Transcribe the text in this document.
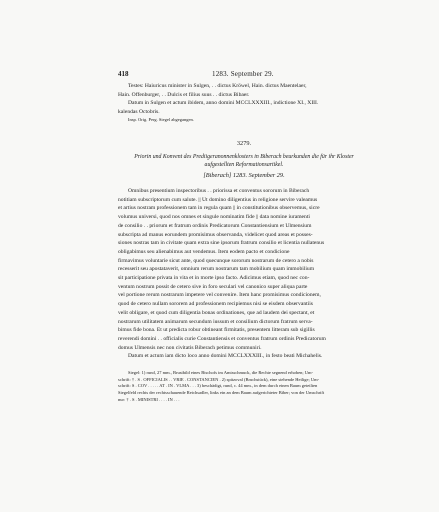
418	1283. September 29.

Testes: Haiuricus minister in Sulgen, . . dictus Kröwel, Hain. dictus Maentelaer,
Hain. Offenburger, . . Dulcis et filius suus . . dictus Bibaer.
Datum in Sulgen et actum ibidem, anno domini MCCLXXXIII., indictione XI., XIII.
kalendas Octobris.

Insp. Orig. Perg. Siegel abgegangen.

3279.
Priorin und Konvent des Prediigeranonnenklosters in Biberach beurkunden die für ihr Kloster
aufgestellten Reformationsartikel.
[Biberach] 1283. September 29.

Omnibus presentium inspectoribus . . priorissa et conventus sororum in Biberach
notitiam subscriptorum cum salute. || Ut domino diligentius in religione servire valeamus
et artius nostram professionem tam in regula quam || in constitutionibus observemus, sicre
volumus universi, quod nos omnes et singule nominatim fide || data nomine iuramenti
de consilio . . priorum et fratrum ordinis Predicatorum Constantiensium et Ulmensium
subscripta ad manus eorundem promisimus observanda, videlicet quod areas et posses-
siones nostras tam in civitate quam extra sine ipsorum fratrum consilio et licentia nullatenus
obligabimus seu alienabimus aut vendemus. Item eodem pacto et condicione
firmavimus voluntarie sicut ante, quod quecunque sororum nostrarum de cetero a nobis
recesserit seu apostataverit, omnium rerum nostrarum tam mobilium quam immobilium
sit participatione privata in vita et in morte ipso facto. Adicimus etiam, quod nec con-
ventum nostrum possit de cetero sive in foro seculari vel canonico super aliqua parte
vel portione rerum nostrarum impetere vel convenire. Item hanc promisimus condicionem,
quod de cetero nullam sororem ad professionem recipiemus nisi se eisdem observantiis
velit obligare, et quod cum diligentia bonas ordinationes, que ad laudem dei spectant, et
nostrarum utilitatem animarum secundum iussum et consilium dictorum fratrum serva-
bimus fide bona. Et ut predicta robur obtineant firmitatis, presentem litteram sub sigillis
reverendi domini . . officialis curie Constantiensis et conventus fratrum ordinis Predicatorum
domus Ulmensis nec non civitatis Biberach petimus communiri.
Datum et actum iam dicto loco anno domini MCCLXXXIII., in festo beati Michahelis.

Siegel: 1) rund, 27 mm., Brustbild eines Bischofs im Amtsschmuck, die Rechte segnend erhoben; Um-
schrift: † . S . OFFICIALIS . . VRIE . CONSTANCIEN . 2) spitzoval (Bruchstück), eine stehende Heilige; Um-
schrift: S . COV . . . . . AT . IN . VLMA . . . 3) beschädigt, rund, c. 44 mm., in dem durch einen Baum geteilten
Siegelfeld rechts der rechtsschauende Reichsadler, links ein an dem Baum aufgerichteter Biber; von der Umschrift
nur: † . S . MINISTRI . . . . IN . . .
